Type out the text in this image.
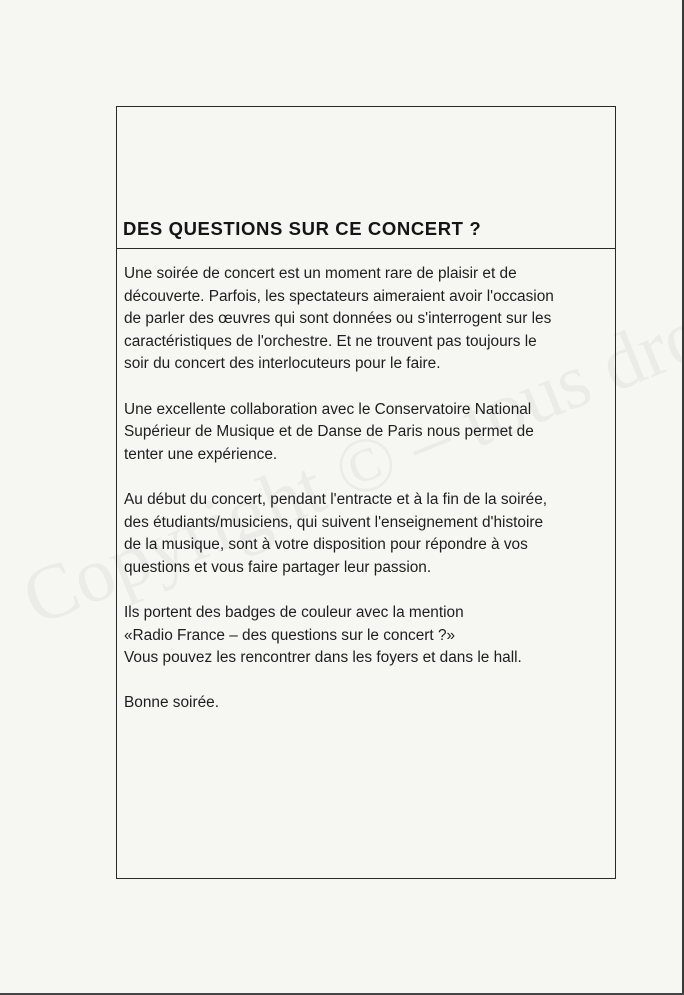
DES QUESTIONS SUR CE CONCERT ?

Une soirée de concert est un moment rare de plaisir et de
découverte. Parfois, les spectateurs aimeraient avoir l'occasion
de parler des œuvres qui sont données ou s'interrogent sur les
caractéristiques de l'orchestre. Et ne trouvent pas toujours le
soir du concert des interlocuteurs pour le faire.

Une excellente collaboration avec le Conservatoire National
Supérieur de Musique et de Danse de Paris nous permet de
tenter une expérience.

Au début du concert, pendant l'entracte et à la fin de la soirée,
des étudiants/musiciens, qui suivent l'enseignement d'histoire
de la musique, sont à votre disposition pour répondre à vos
questions et vous faire partager leur passion.

Ils portent des badges de couleur avec la mention
«Radio France – des questions sur le concert ?»
Vous pouvez les rencontrer dans les foyers et dans le hall.

Bonne soirée.
